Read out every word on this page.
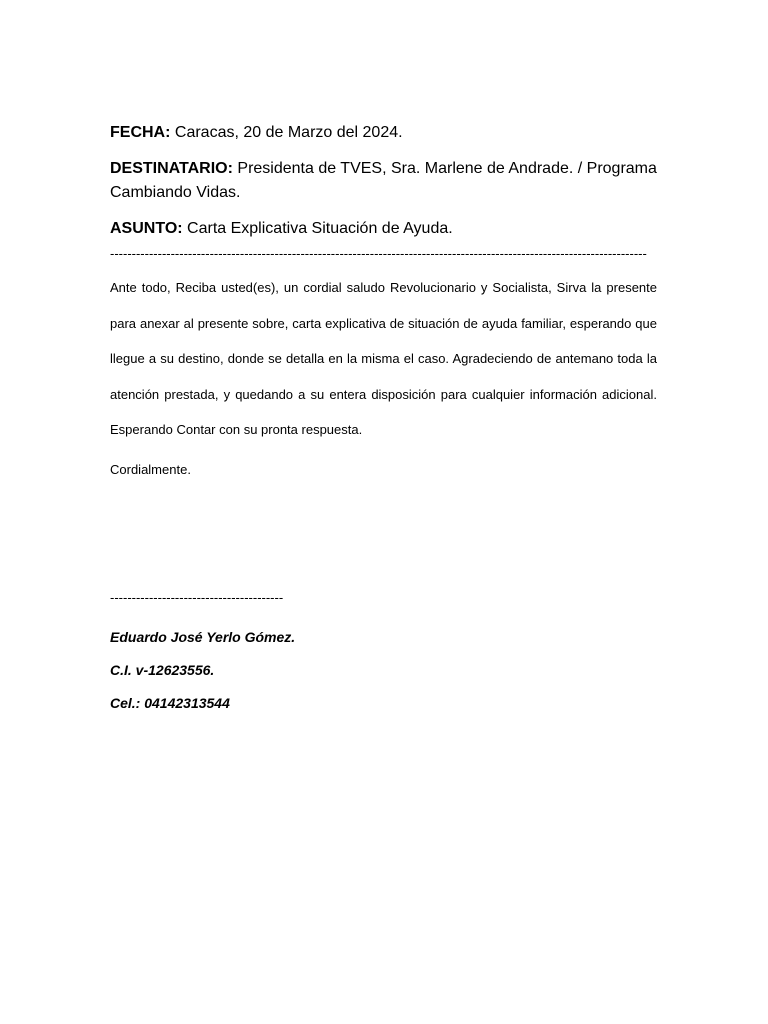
FECHA: Caracas, 20 de Marzo del 2024.

DESTINATARIO: Presidenta de TVES, Sra. Marlene de Andrade. / Programa Cambiando Vidas.

ASUNTO: Carta Explicativa Situación de Ayuda.

----------------------------------------------------------------------------------------------------------------------------

Ante todo, Reciba usted(es), un cordial saludo Revolucionario y Socialista, Sirva la presente para anexar al presente sobre, carta explicativa de situación de ayuda familiar, esperando que llegue a su destino, donde se detalla en la misma el caso. Agradeciendo de antemano toda la atención prestada, y quedando a su entera disposición para cualquier información adicional. Esperando Contar con su pronta respuesta.

Cordialmente.
----------------------------------------
Eduardo José Yerlo Gómez.
C.I. v-12623556.
Cel.: 04142313544
